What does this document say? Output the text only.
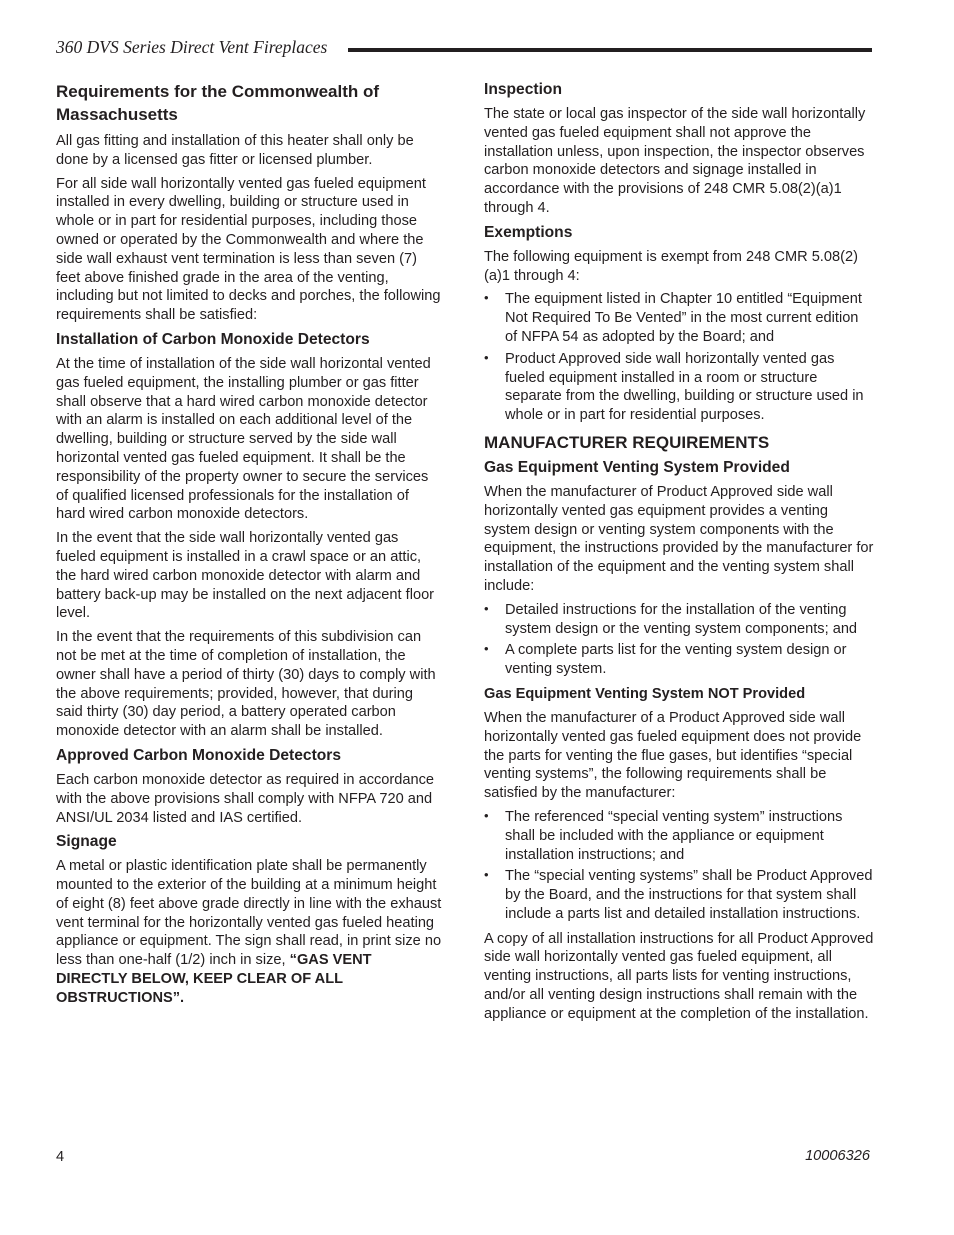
360 DVS Series Direct Vent Fireplaces
Requirements for the Commonwealth of Massachusetts

All gas fitting and installation of this heater shall only be done by a licensed gas fitter or licensed plumber.

For all side wall horizontally vented gas fueled equipment installed in every dwelling, building or structure used in whole or in part for residential purposes, including those owned or operated by the Commonwealth and where the side wall exhaust vent termination is less than seven (7) feet above finished grade in the area of the venting, including but not limited to decks and porches, the following requirements shall be satisfied:

Installation of Carbon Monoxide Detectors

At the time of installation of the side wall horizontal vented gas fueled equipment, the installing plumber or gas fitter shall observe that a hard wired carbon monoxide detector with an alarm is installed on each additional level of the dwelling, building or structure served by the side wall horizontal vented gas fueled equipment. It shall be the responsibility of the property owner to secure the services of qualified licensed professionals for the installation of hard wired carbon monoxide detectors.

In the event that the side wall horizontally vented gas fueled equipment is installed in a crawl space or an attic, the hard wired carbon monoxide detector with alarm and battery back-up may be installed on the next adjacent floor level.

In the event that the requirements of this subdivision can not be met at the time of completion of installation, the owner shall have a period of thirty (30) days to comply with the above requirements; provided, however, that during said thirty (30) day period, a battery operated carbon monoxide detector with an alarm shall be installed.

Approved Carbon Monoxide Detectors

Each carbon monoxide detector as required in accordance with the above provisions shall comply with NFPA 720 and ANSI/UL 2034 listed and IAS certified.

Signage

A metal or plastic identification plate shall be permanently mounted to the exterior of the building at a minimum height of eight (8) feet above grade directly in line with the exhaust vent terminal for the horizontally vented gas fueled heating appliance or equipment. The sign shall read, in print size no less than one-half (1/2) inch in size, “GAS VENT DIRECTLY BELOW, KEEP CLEAR OF ALL OBSTRUCTIONS”.

Inspection

The state or local gas inspector of the side wall horizontally vented gas fueled equipment shall not approve the installation unless, upon inspection, the inspector observes carbon monoxide detectors and signage installed in accordance with the provisions of 248 CMR 5.08(2)(a)1 through 4.

Exemptions

The following equipment is exempt from 248 CMR 5.08(2)(a)1 through 4:

• The equipment listed in Chapter 10 entitled “Equipment Not Required To Be Vented” in the most current edition of NFPA 54 as adopted by the Board; and
• Product Approved side wall horizontally vented gas fueled equipment installed in a room or structure separate from the dwelling, building or structure used in whole or in part for residential purposes.
MANUFACTURER REQUIREMENTS
Gas Equipment Venting System Provided

When the manufacturer of Product Approved side wall horizontally vented gas equipment provides a venting system design or venting system components with the equipment, the instructions provided by the manufacturer for installation of the equipment and the venting system shall include:

• Detailed instructions for the installation of the venting system design or the venting system components; and
• A complete parts list for the venting system design or venting system.
Gas Equipment Venting System NOT Provided

When the manufacturer of a Product Approved side wall horizontally vented gas fueled equipment does not provide the parts for venting the flue gases, but identifies “special venting systems”, the following requirements shall be satisfied by the manufacturer:

• The referenced “special venting system” instructions shall be included with the appliance or equipment installation instructions; and
• The “special venting systems” shall be Product Approved by the Board, and the instructions for that system shall include a parts list and detailed installation instructions.

A copy of all installation instructions for all Product Approved side wall horizontally vented gas fueled equipment, all venting instructions, all parts lists for venting instructions, and/or all venting design instructions shall remain with the appliance or equipment at the completion of the installation.

4	10006326
